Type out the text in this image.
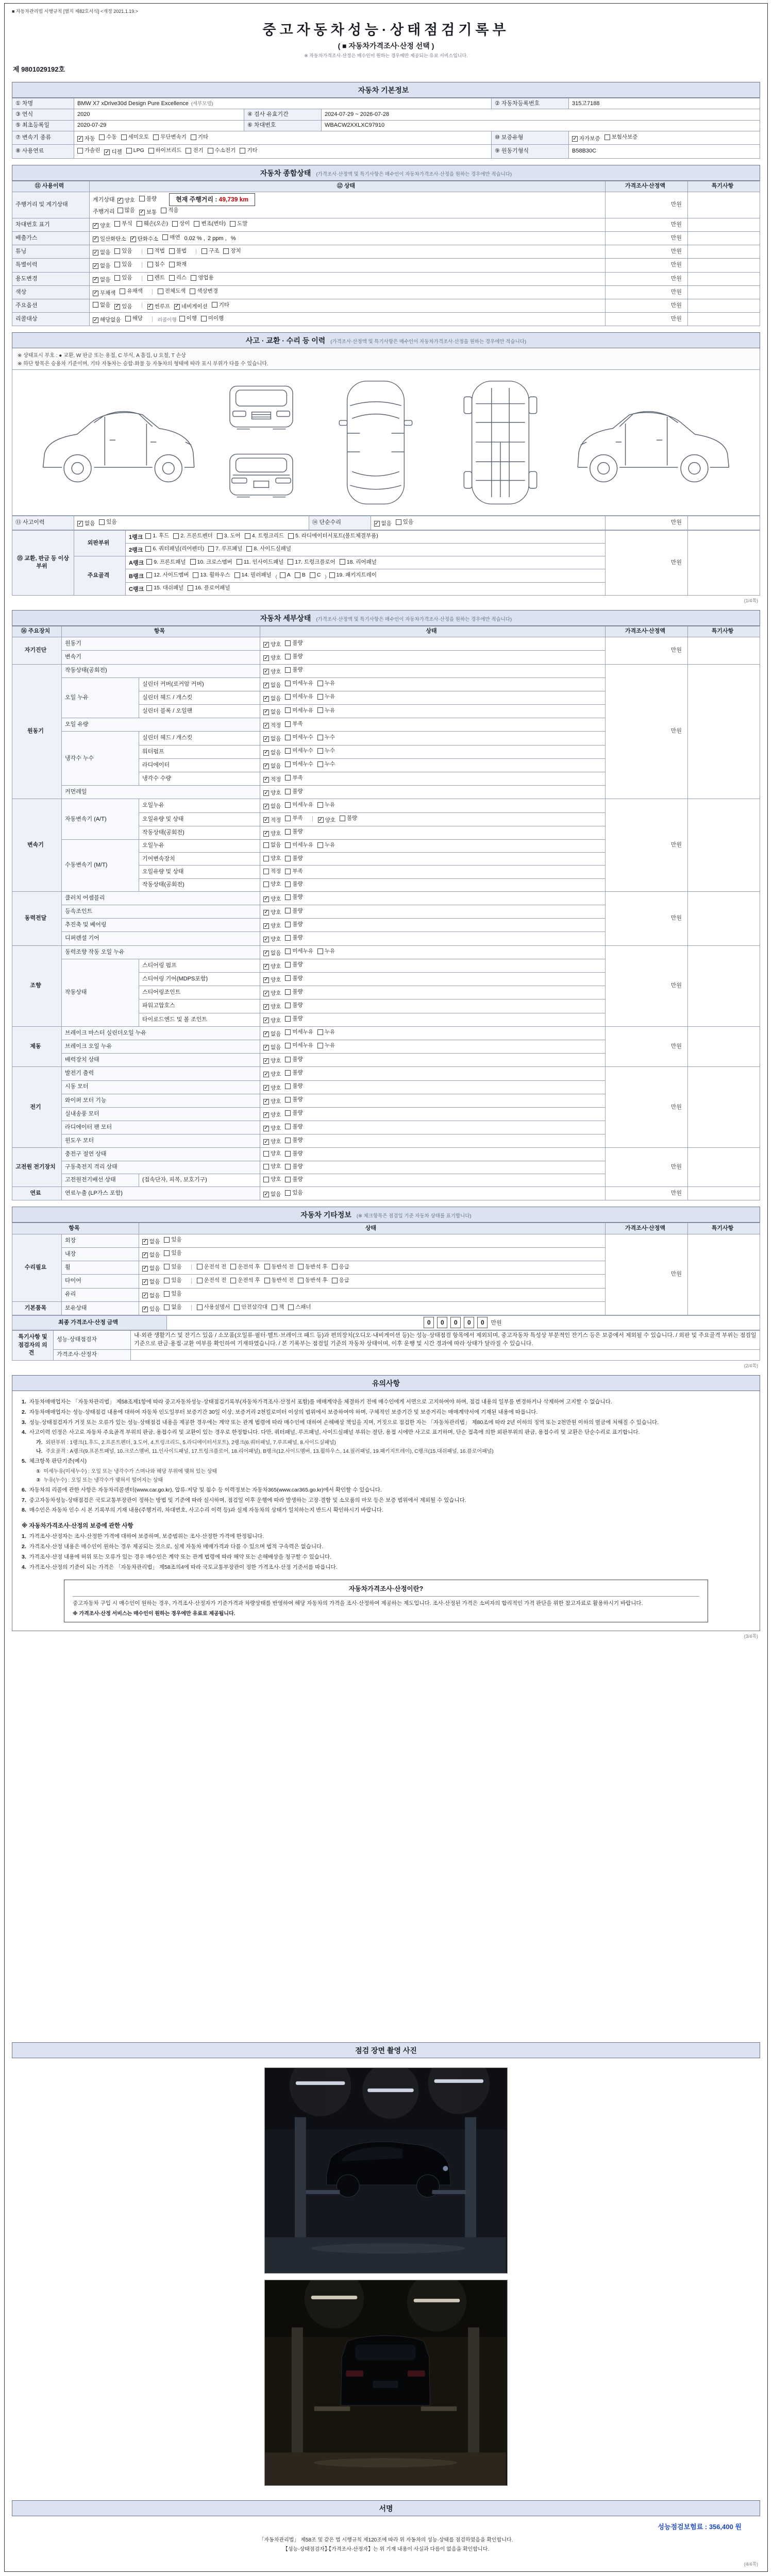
■ 자동차관리법 시행규칙 [별지 제82호서식] <개정 2021.1.19.>
중고자동차성능·상태점검기록부
( ■ 자동차가격조사·산정 선택 )
※ 자동차가격조사·산정은 매수인이 원하는 경우에만 제공되는 유료 서비스입니다.
제 9801029192호
자동차 기본정보
① 차명	BMW X7 xDrive30d Design Pure Excellence (세부모델)			② 자동차등록번호	315고7188
③ 연식	2020	④ 검사 유효기간	2024-07-29 ~ 2026-07-28		
⑤ 최초등록일	2020-07-29	⑥ 차대번호	WBACW2XXLXC97910		
⑦ 변속기 종류	✓ 자동 수동 세미오토 무단변속기 기타	⑩ 보증유형	✓ 자가보증 보험사보증

⑧ 사용연료	가솔린 ✓ 디젤 LPG 하이브리드 전기 수소전기 기타	⑨ 원동기형식	B58B30C
자동차 종합상태 (가격조사·산정액 및 특기사항은 매수인이 자동차가격조사·산정을 원하는 경우에만 적습니다)
⑪ 사용이력	⑫ 상태	가격조사·산정액	특기사항
주행거리 및 계기상태	계기상태 ✓ 양호 불량	현재 주행거리 : 49,739 km
주행거리 많음 ✓ 보통 적음
	만원	
차대번호 표기	✓ 양호 부식 훼손(오손) 상이 변조(변타) 도말	만원	
배출가스	✓ 일산화탄소 ✓ 탄화수소 매연 0.02 % , 2 ppm , %	만원	
튜닝	✓ 없음 있음	적법 불법	구조 장치	만원	
특별이력	✓ 없음 있음 침수 화재	만원	
용도변경	✓ 없음 있음	렌트 리스 영업용	만원	
색상	✓ 무채색 유채색 전체도색 색상변경	만원	
주요옵션	없음 ✓ 있음	✓ 썬루프 ✓ 네비게이션 기타	만원	
리콜대상	✓ 해당없음 해당	리콜이행 이행 미이행	만원	
사고 · 교환 · 수리 등 이력 (가격조사·산정액 및 특기사항은 매수인이 자동차가격조사·산정을 원하는 경우에만 적습니다)
※ 상태표시 부호 : ● 교환, W 판금 또는 용접, C 부식, A 흠집, U 요철, T 손상
※ 하단 항목은 승용차 기준이며, 기타 자동차는 승합·화물 등 자동차의 형태에 따라 표시 부위가 다를 수 있습니다.
⑬ 사고이력	✓ 없음 있음	⑭ 단순수리	✓ 없음 있음	만원	
⑮ 교환, 판금 등 이상 부위	외판부위	1랭크 1. 후드 2. 프론트펜더 3. 도어 4. 트렁크리드 5. 라디에이터서포트(볼트체결부품)
	만원	
		2랭크 6. 쿼터패널(리어펜더) 7. 루프패널 8. 사이드실패널		

주요골격	A랭크 9. 프론트패널 10. 크로스멤버 11. 인사이드패널 17. 트렁크플로어 18. 리어패널

B랭크 12. 사이드멤버 13. 휠하우스 14. 필러패널 ( A B C ) 19. 패키지트레이

		C랭크 15. 대쉬패널 16. 플로어패널		
(1/4쪽)
자동차 세부상태 (가격조사·산정액 및 특기사항은 매수인이 자동차가격조사·산정을 원하는 경우에만 적습니다)
⑯ 주요장치	항목		상태	가격조사·산정액	특기사항
자기진단	원동기		✓ 양호 불량	만원	
	변속기		✓ 양호 불량		

원동기	작동상태(공회전)		✓ 양호 불량	만원	
	오일 누유	실린더 커버(로커암 커버)	✓ 없음 미세누유 누유		

		실린더 헤드 / 개스킷	✓ 없음 미세누유 누유		

		실린더 블록 / 오일팬	✓ 없음 미세누유 누유		

	오일 유량		✓ 적정 부족		

	냉각수 누수	실린더 헤드 / 개스킷	✓ 없음 미세누수 누수		

		워터펌프	✓ 없음 미세누수 누수		

		라디에이터	✓ 없음 미세누수 누수		

		냉각수 수량	✓ 적정 부족		

	커먼레일		✓ 양호 불량		

변속기	자동변속기 (A/T)	오일누유	✓ 없음 미세누유 누유	만원	
오일유량 및 상태	✓ 적정 부족	✓ 양호 불량

		작동상태(공회전)	✓ 양호 불량		

	수동변속기 (M/T)	오일누유	없음 미세누유 누유		

		기어변속장치	양호 불량		

		오일유량 및 상태	적정 부족		

		작동상태(공회전)	양호 불량		

동력전달	클러치 어셈블리		✓ 양호 불량	만원	
	등속조인트		✓ 양호 불량		

	추진축 및 베어링		✓ 양호 불량		

	디퍼렌셜 기어		✓ 양호 불량		

조향	동력조향 작동 오일 누유		✓ 없음 미세누유 누유	만원	
	작동상태	스티어링 펌프	✓ 양호 불량		

		스티어링 기어(MDPS포함)	✓ 양호 불량		

		스티어링조인트	✓ 양호 불량		

		파워고압호스	✓ 양호 불량		

		타이로드엔드 및 볼 조인트	✓ 양호 불량		

제동	브레이크 마스터 실린더오일 누유		✓ 없음 미세누유 누유	만원	
	브레이크 오일 누유		✓ 없음 미세누유 누유		

	배력장치 상태		✓ 양호 불량		

전기	발전기 출력		✓ 양호 불량	만원	
	시동 모터		✓ 양호 불량		

	와이퍼 모터 기능		✓ 양호 불량		

	실내송풍 모터		✓ 양호 불량		

	라디에이터 팬 모터		✓ 양호 불량		

	윈도우 모터		✓ 양호 불량		

고전원 전기장치	충전구 절연 상태		양호 불량	만원	
	구동축전지 격리 상태		양호 불량		

	고전원전기배선 상태	(접속단자, 피복, 보호기구)	양호 불량		

연료	연료누출 (LP가스 포함)		✓ 없음 있음	만원	
자동차 기타정보 (※ 체크항목은 점검일 기준 자동차 상태를 표기합니다)
항목		상태	가격조사·산정액	특기사항
수리필요	외장	✓ 없음 있음	만원	
	내장	✓ 없음 있음		

휠	✓ 없음 있음	운전석 전 운전석 후 동반석 전 동반석 후 응급

타이어	✓ 없음 있음	운전석 전 운전석 후 동반석 전 동반석 후 응급

	유리	✓ 없음 있음		

기본품목	보유상태	✓ 있음 없음	사용설명서 안전삼각대 잭 스패너
최종 가격조사·산정 금액	0 0 0 0 0 만원
특기사항 및 점검자의 의견	성능·상태점검자	내·외관 생활기스 및 잔기스 있음 / 소모품(오일류·필터·벨트·브레이크 패드 등)과 편의장치(오디오·내비게이션 등)는 성능·상태점검 항목에서 제외되며, 중고자동차 특성상 부분적인 잔기스 등은 보증에서 제외될 수 있습니다. / 외판 및 주요골격 부위는 점검일 기준으로 판금·용접·교환 여부를 확인하여 기재하였습니다. / 본 기록부는 점검일 기준의 자동차 상태이며, 이후 운행 및 시간 경과에 따라 상태가 달라질 수 있습니다.
	가격조사·산정자	
(2/4쪽)
유의사항
1. 자동차매매업자는 「자동차관리법」 제58조제1항에 따라 중고자동차성능·상태점검기록부(자동차가격조사·산정서 포함)를 매매계약을 체결하기 전에 매수인에게 서면으로 고지하여야 하며, 점검 내용의 일부를 변경하거나 삭제하여 고지할 수 없습니다.
2. 자동차매매업자는 성능·상태점검 내용에 대하여 자동차 인도일부터 보증기간 30일 이상, 보증거리 2천킬로미터 이상의 범위에서 보증하여야 하며, 구체적인 보증기간 및 보증거리는 매매계약서에 기재된 내용에 따릅니다.
3. 성능·상태점검자가 거짓 또는 오류가 있는 성능·상태점검 내용을 제공한 경우에는 계약 또는 관계 법령에 따라 매수인에 대하여 손해배상 책임을 지며, 거짓으로 점검한 자는 「자동차관리법」 제80조에 따라 2년 이하의 징역 또는 2천만원 이하의 벌금에 처해질 수 있습니다.
4. 사고이력 인정은 사고로 자동차 주요골격 부위의 판금, 용접수리 및 교환이 있는 경우로 한정합니다. 다만, 쿼터패널, 루프패널, 사이드실패널 부위는 절단, 용접 시에만 사고로 표기하며, 단순 접촉에 의한 외판부위의 판금, 용접수리 및 교환은 단순수리로 표기합니다.
가. 외판부위 : 1랭크(1.후드, 2.프론트펜더, 3.도어, 4.트렁크리드, 5.라디에이터서포트), 2랭크(6.쿼터패널, 7.루프패널, 8.사이드실패널)
나. 주요골격 : A랭크(9.프론트패널, 10.크로스멤버, 11.인사이드패널, 17.트렁크플로어, 18.리어패널), B랭크(12.사이드멤버, 13.휠하우스, 14.필러패널, 19.패키지트레이), C랭크(15.대쉬패널, 16.플로어패널)
5. 체크항목 판단기준(예시)
① 미세누유(미세누수) : 오일 또는 냉각수가 스며나와 해당 부위에 맺혀 있는 상태
② 누유(누수) : 오일 또는 냉각수가 맺혀서 떨어지는 상태
6. 자동차의 리콜에 관한 사항은 자동차리콜센터(www.car.go.kr), 압류·저당 및 침수 등 이력정보는 자동차365(www.car365.go.kr)에서 확인할 수 있습니다.
7. 중고자동차성능·상태점검은 국토교통부장관이 정하는 방법 및 기준에 따라 실시하며, 점검일 이후 운행에 따라 발생하는 고장·결함 및 소모품의 마모 등은 보증 범위에서 제외될 수 있습니다.
8. 매수인은 자동차 인수 시 본 기록부의 기재 내용(주행거리, 차대번호, 사고수리 이력 등)과 실제 자동차의 상태가 일치하는지 반드시 확인하시기 바랍니다.
※ 자동차가격조사·산정의 보증에 관한 사항
1. 가격조사·산정자는 조사·산정한 가격에 대하여 보증하며, 보증범위는 조사·산정한 가격에 한정됩니다.
2. 가격조사·산정 내용은 매수인이 원하는 경우 제공되는 것으로, 실제 자동차 매매가격과 다를 수 있으며 법적 구속력은 없습니다.
3. 가격조사·산정 내용에 허위 또는 오류가 있는 경우 매수인은 계약 또는 관계 법령에 따라 해약 또는 손해배상을 청구할 수 있습니다.
4. 가격조사·산정의 기준이 되는 가격은 「자동차관리법」 제58조의4에 따라 국토교통부장관이 정한 가격조사·산정 기준서를 따릅니다.
자동차가격조사·산정이란?
중고자동차 구입 시 매수인이 원하는 경우, 가격조사·산정자가 기준가격과 차량상태를 반영하여 해당 자동차의 가격을 조사·산정하여 제공하는 제도입니다. 조사·산정된 가격은 소비자의 합리적인 가격 판단을 위한 참고자료로 활용하시기 바랍니다.
※ 가격조사·산정 서비스는 매수인이 원하는 경우에만 유료로 제공됩니다.
(3/4쪽)
점검 장면 촬영 사진
서명
성능점검보험료 : 356,400 원
「자동차관리법」 제58조 및 같은 법 시행규칙 제120조에 따라 위 자동차의 성능·상태를 점검하였음을 확인합니다.
【성능·상태점검자】·【가격조사·산정자】는 위 기재 내용이 사실과 다름이 없음을 확인합니다.
(4/4쪽)
